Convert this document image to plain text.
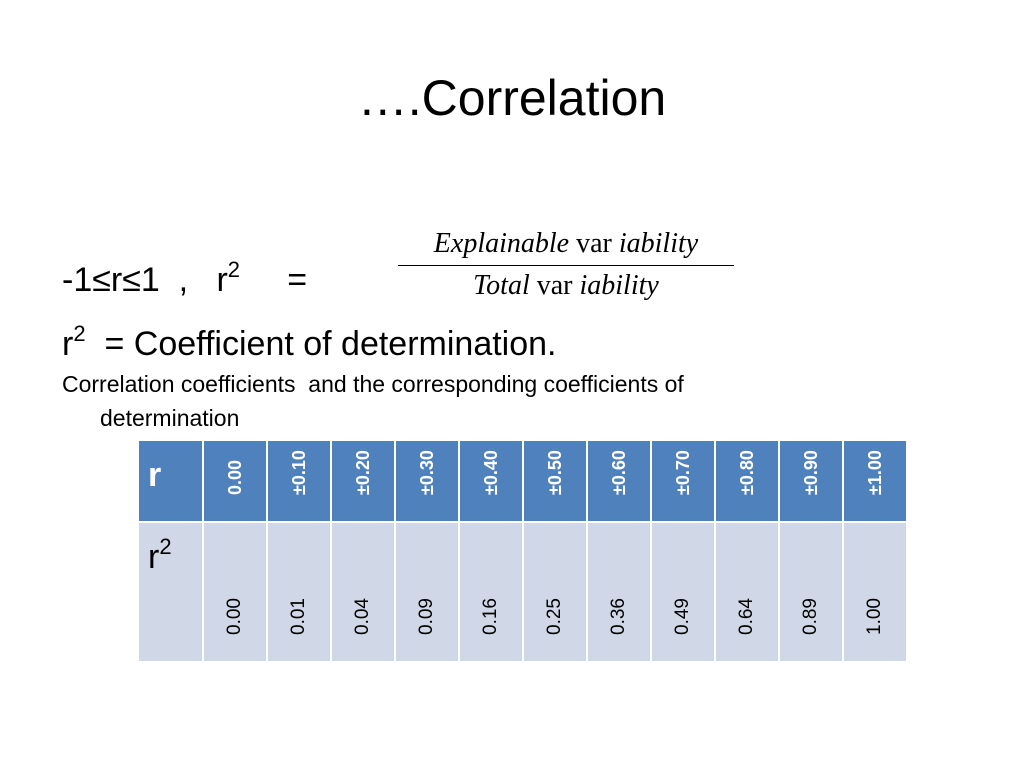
….Correlation
-1≤r≤1  ,   $r^2$     =
Explainable var iability
Total var iability
$r^2$  = Coefficient of determination.
Correlation coefficients  and the corresponding coefficients of
determination
r	0.00	±0.10	±0.20	±0.30	±0.40	±0.50	±0.60	±0.70	±0.80	±0.90	±1.00

$r^2$	0.00	0.01	0.04	0.09	0.16	0.25	0.36	0.49	0.64	0.89	1.00
